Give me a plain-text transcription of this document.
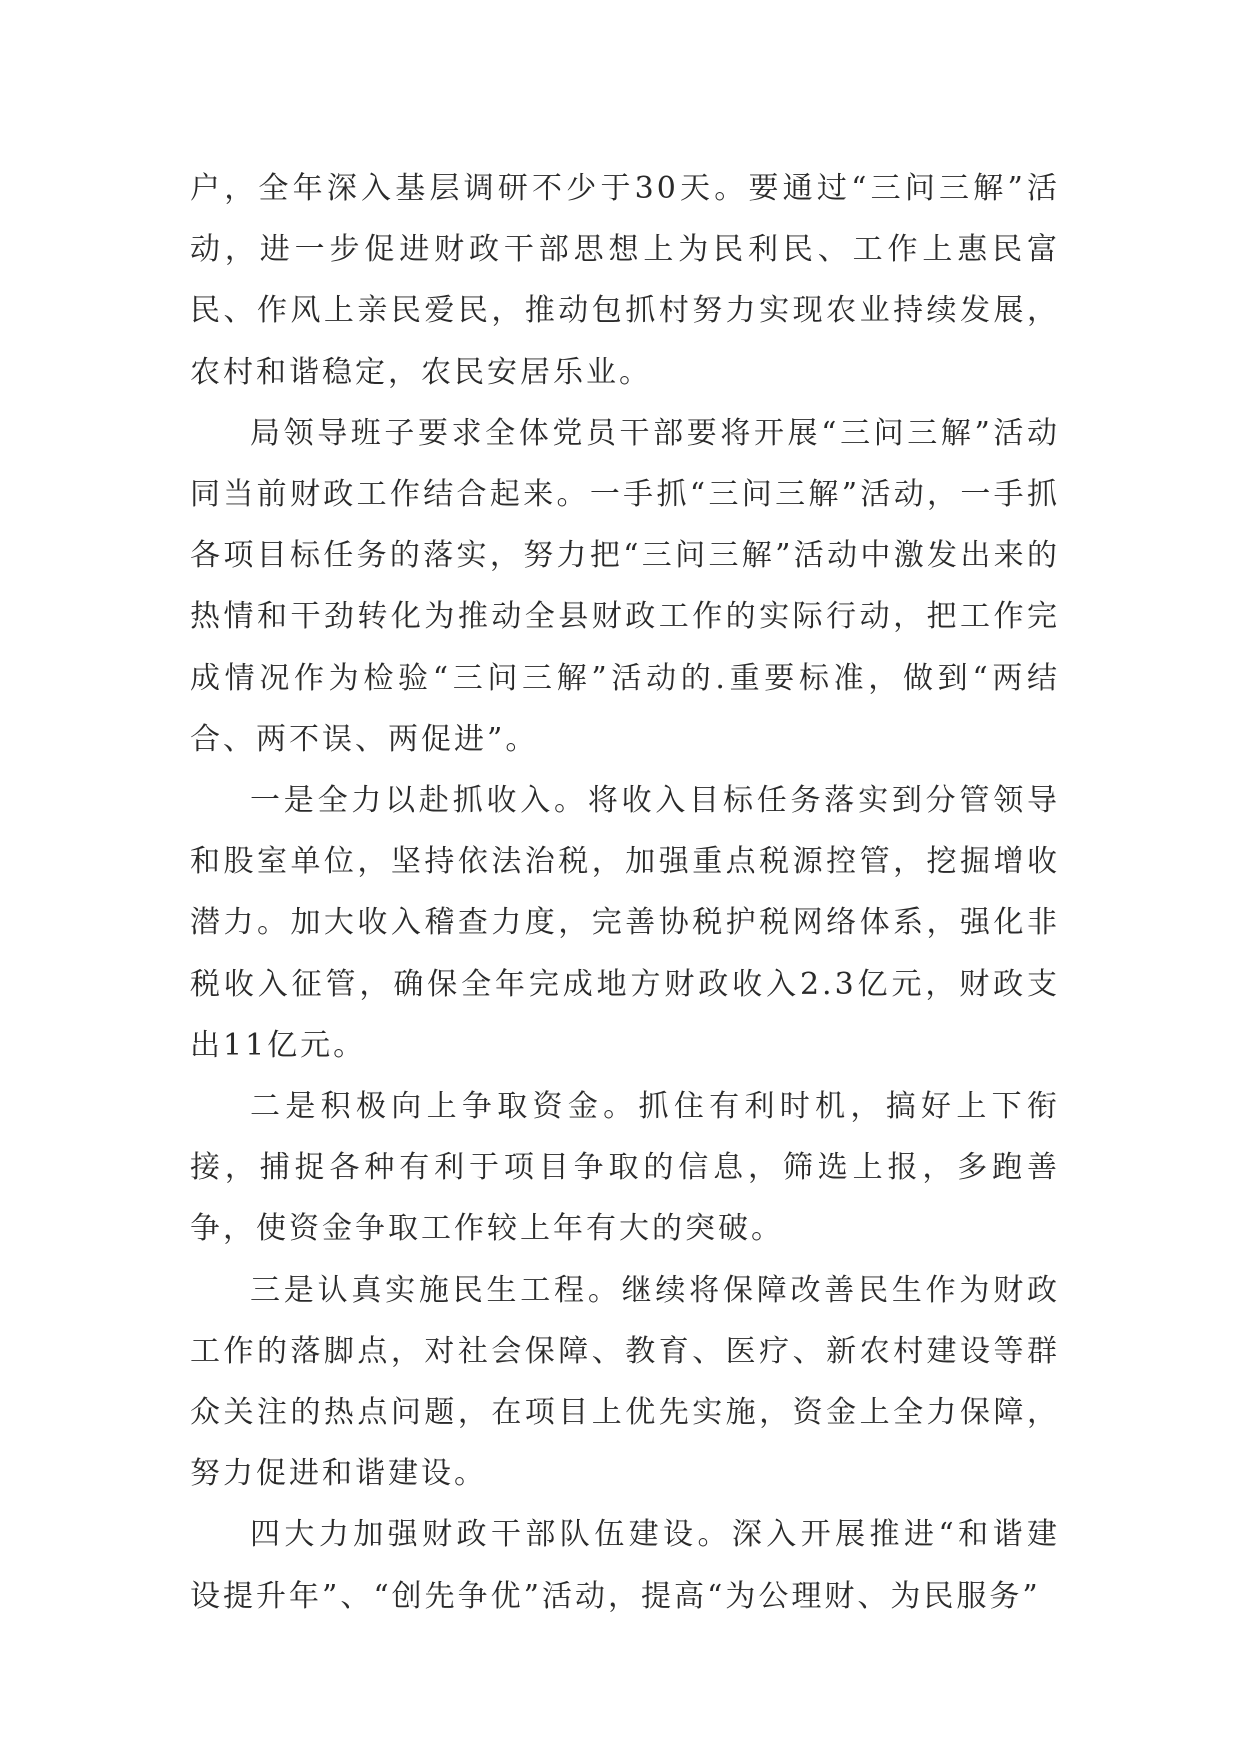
户，全年深入基层调研不少于30天。要通过“三问三解”活动，进一步促进财政干部思想上为民利民、工作上惠民富民、作风上亲民爱民，推动包抓村努力实现农业持续发展，农村和谐稳定，农民安居乐业。

局领导班子要求全体党员干部要将开展“三问三解”活动同当前财政工作结合起来。一手抓“三问三解”活动，一手抓各项目标任务的落实，努力把“三问三解”活动中激发出来的热情和干劲转化为推动全县财政工作的实际行动，把工作完成情况作为检验“三问三解”活动的.重要标准，做到“两结合、两不误、两促进”。

一是全力以赴抓收入。将收入目标任务落实到分管领导和股室单位，坚持依法治税，加强重点税源控管，挖掘增收潜力。加大收入稽查力度，完善协税护税网络体系，强化非税收入征管，确保全年完成地方财政收入2.3亿元，财政支出11亿元。

二是积极向上争取资金。抓住有利时机，搞好上下衔接，捕捉各种有利于项目争取的信息，筛选上报，多跑善争，使资金争取工作较上年有大的突破。

三是认真实施民生工程。继续将保障改善民生作为财政工作的落脚点，对社会保障、教育、医疗、新农村建设等群众关注的热点问题，在项目上优先实施，资金上全力保障，努力促进和谐建设。

四大力加强财政干部队伍建设。深入开展推进“和谐建设提升年”、“创先争优”活动，提高“为公理财、为民服务”
